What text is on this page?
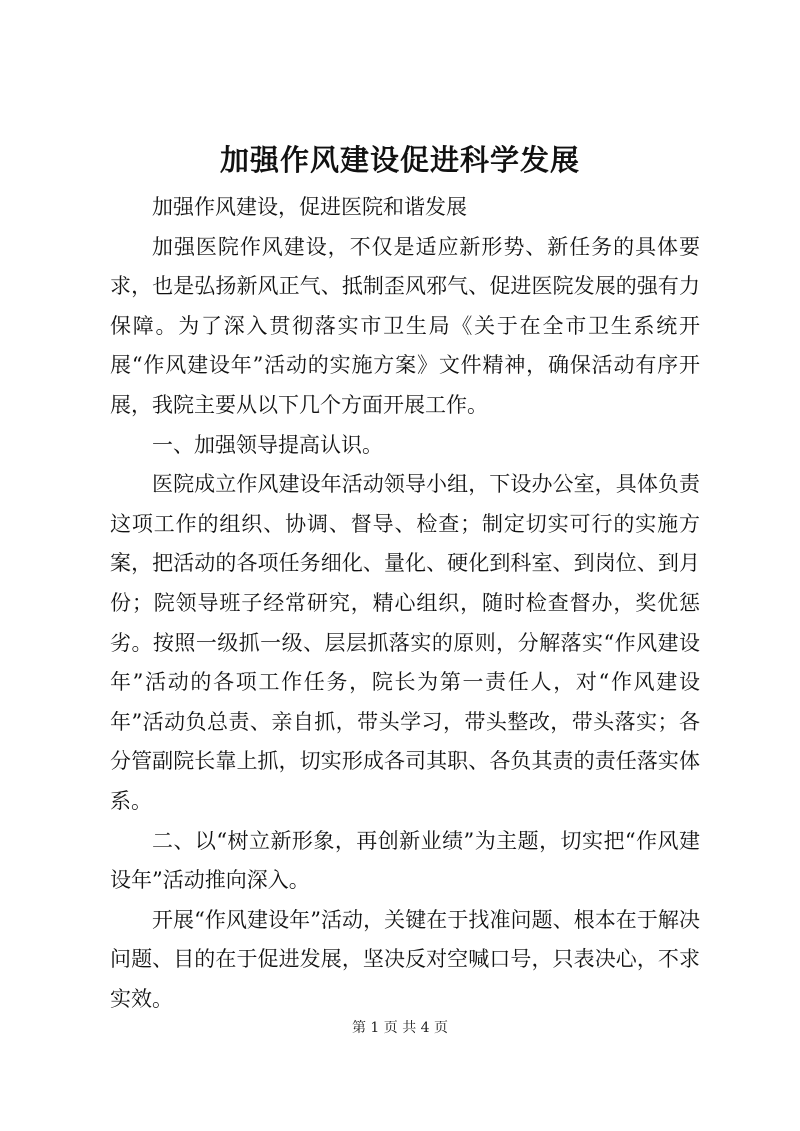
加强作风建设促进科学发展

加强作风建设，促进医院和谐发展

加强医院作风建设，不仅是适应新形势、新任务的具体要求，也是弘扬新风正气、抵制歪风邪气、促进医院发展的强有力保障。为了深入贯彻落实市卫生局《关于在全市卫生系统开展“作风建设年”活动的实施方案》文件精神，确保活动有序开展，我院主要从以下几个方面开展工作。

一、加强领导提高认识。

医院成立作风建设年活动领导小组，下设办公室，具体负责这项工作的组织、协调、督导、检查；制定切实可行的实施方案，把活动的各项任务细化、量化、硬化到科室、到岗位、到月份；院领导班子经常研究，精心组织，随时检查督办，奖优惩劣。按照一级抓一级、层层抓落实的原则，分解落实“作风建设年”活动的各项工作任务，院长为第一责任人，对“作风建设年”活动负总责、亲自抓，带头学习，带头整改，带头落实；各分管副院长靠上抓，切实形成各司其职、各负其责的责任落实体系。

二、以“树立新形象，再创新业绩”为主题，切实把“作风建设年”活动推向深入。

开展“作风建设年”活动，关键在于找准问题、根本在于解决问题、目的在于促进发展，坚决反对空喊口号，只表决心，不求实效。

第 1 页 共 4 页
